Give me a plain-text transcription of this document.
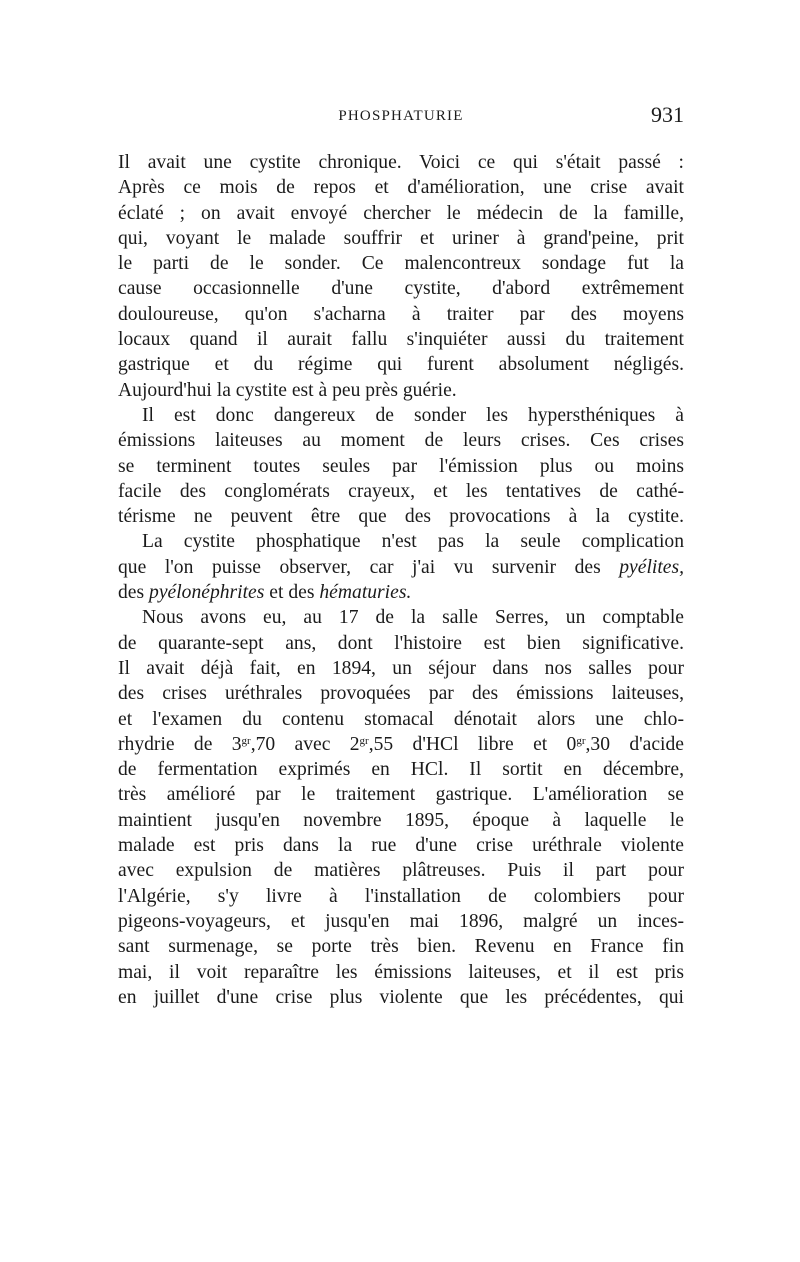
PHOSPHATURIE	931

Il avait une cystite chronique. Voici ce qui s'était passé :
Après ce mois de repos et d'amélioration, une crise avait
éclaté ; on avait envoyé chercher le médecin de la famille,
qui, voyant le malade souffrir et uriner à grand'peine, prit
le parti de le sonder. Ce malencontreux sondage fut la
cause occasionnelle d'une cystite, d'abord extrêmement
douloureuse, qu'on s'acharna à traiter par des moyens
locaux quand il aurait fallu s'inquiéter aussi du traitement
gastrique et du régime qui furent absolument négligés.
Aujourd'hui la cystite est à peu près guérie.

Il est donc dangereux de sonder les hypersthéniques à
émissions laiteuses au moment de leurs crises. Ces crises
se terminent toutes seules par l'émission plus ou moins
facile des conglomérats crayeux, et les tentatives de cathé-
térisme ne peuvent être que des provocations à la cystite.

La cystite phosphatique n'est pas la seule complication
que l'on puisse observer, car j'ai vu survenir des pyélites,
des pyélonéphrites et des hématuries.

Nous avons eu, au 17 de la salle Serres, un comptable
de quarante-sept ans, dont l'histoire est bien significative.
Il avait déjà fait, en 1894, un séjour dans nos salles pour
des crises uréthrales provoquées par des émissions laiteuses,
et l'examen du contenu stomacal dénotait alors une chlo-
rhydrie de $3^{gr},70$ avec $2^{gr},55$ d'HCl libre et $0^{gr},30$ d'acide
de fermentation exprimés en HCl. Il sortit en décembre,
très amélioré par le traitement gastrique. L'amélioration se
maintient jusqu'en novembre 1895, époque à laquelle le
malade est pris dans la rue d'une crise uréthrale violente
avec expulsion de matières plâtreuses. Puis il part pour
l'Algérie, s'y livre à l'installation de colombiers pour
pigeons-voyageurs, et jusqu'en mai 1896, malgré un inces-
sant surmenage, se porte très bien. Revenu en France fin
mai, il voit reparaître les émissions laiteuses, et il est pris
en juillet d'une crise plus violente que les précédentes, qui
